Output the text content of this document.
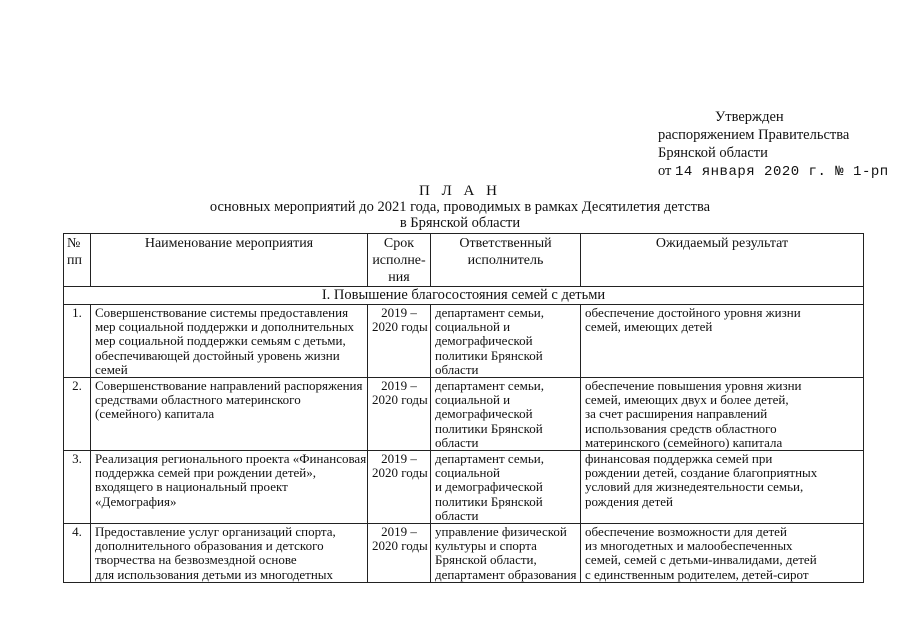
Утвержден
распоряжением Правительства
Брянской области
от 14 января 2020 г. № 1-рп
П Л А Н
основных мероприятий до 2021 года, проводимых в рамках Десятилетия детства
в Брянской области
№
пп	Наименование мероприятия	Срок
исполне-
ния	Ответственный
исполнитель	Ожидаемый результат
I. Повышение благосостояния семей с детьми				
1.	Совершенствование системы предоставления
мер социальной поддержки и дополнительных
мер социальной поддержки семьям с детьми,
обеспечивающей достойный уровень жизни
семей	2019 –
2020 годы	департамент семьи,
социальной и
демографической
политики Брянской
области	обеспечение достойного уровня жизни
семей, имеющих детей

2.	Совершенствование направлений распоряжения
средствами областного материнского
(семейного) капитала	2019 –
2020 годы	департамент семьи,
социальной и
демографической
политики Брянской
области	обеспечение повышения уровня жизни
семей, имеющих двух и более детей,
за счет расширения направлений
использования средств областного
материнского (семейного) капитала

3.	Реализация регионального проекта «Финансовая
поддержка семей при рождении детей»,
входящего в национальный проект
«Демография»	2019 –
2020 годы	департамент семьи,
социальной
и демографической
политики Брянской
области	финансовая поддержка семей при
рождении детей, создание благоприятных
условий для жизнедеятельности семьи,
рождения детей

4.	Предоставление услуг организаций спорта,
дополнительного образования и детского
творчества на безвозмездной основе
для использования детьми из многодетных	2019 –
2020 годы	управление физической
культуры и спорта
Брянской области,
департамент образования	обеспечение возможности для детей
из многодетных и малообеспеченных
семей, семей с детьми-инвалидами, детей
с единственным родителем, детей-сирот
